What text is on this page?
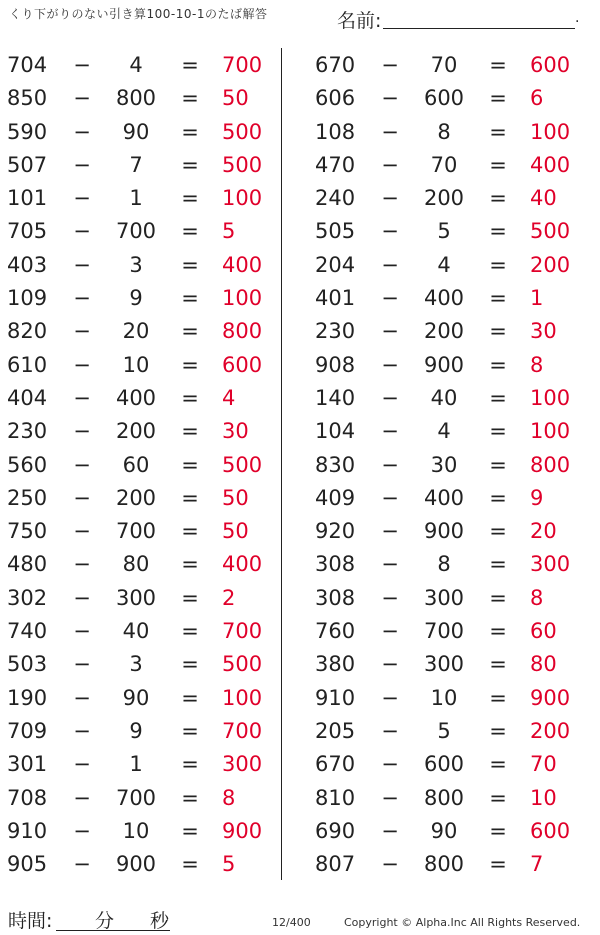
くり下がりのない引き算100-10-1のたば解答	名前:	.
704 −	4	= 700
850 −	800	= 50
590 −	90	= 500
507 −	7	= 500
101 −	1	= 100
705 −	700	= 5
403 −	3	= 400
109 −	9	= 100
820 −	20	= 800
610 −	10	= 600
404 −	400	= 4
230 −	200	= 30
560 −	60	= 500
250 −	200	= 50
750 −	700	= 50
480 −	80	= 400
302 −	300	= 2
740 −	40	= 700
503 −	3	= 500
190 −	90	= 100
709 −	9	= 700
301 −	1	= 300
708 −	700	= 8
910 −	10	= 900
905 −	900	= 5
670 −	70	= 600
606 −	600	= 6
108 −	8	= 100
470 −	70	= 400
240 −	200	= 40
505 −	5	= 500
204 −	4	= 200
401 −	400	= 1
230 −	200	= 30
908 −	900	= 8
140 −	40	= 100
104 −	4	= 100
830 −	30	= 800
409 −	400	= 9
920 −	900	= 20
308 −	8	= 300
308 −	300	= 8
760 −	700	= 60
380 −	300	= 80
910 −	10	= 900
205 −	5	= 200
670 −	600	= 70
810 −	800	= 10
690 −	90	= 600
807 −	800	= 7
時間: 分 秒	12/400	Copyright © Alpha.Inc All Rights Reserved.
